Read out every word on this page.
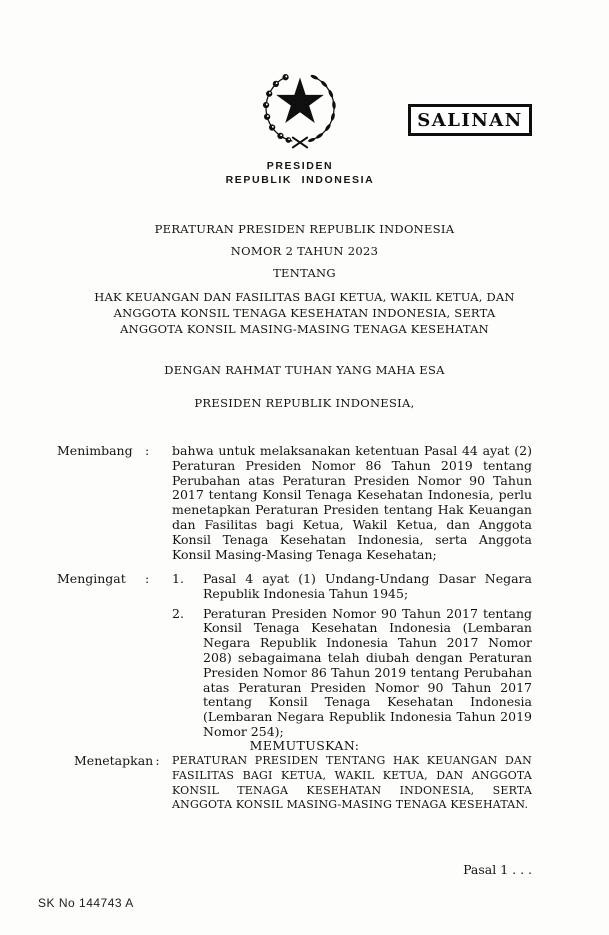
PRESIDEN
REPUBLIK INDONESIA
SALINAN
PERATURAN PRESIDEN REPUBLIK INDONESIA
NOMOR 2 TAHUN 2023
TENTANG
HAK KEUANGAN DAN FASILITAS BAGI KETUA, WAKIL KETUA, DAN
ANGGOTA KONSIL TENAGA KESEHATAN INDONESIA, SERTA
ANGGOTA KONSIL MASING-MASING TENAGA KESEHATAN
DENGAN RAHMAT TUHAN YANG MAHA ESA
PRESIDEN REPUBLIK INDONESIA,
Menimbang :	bahwa untuk melaksanakan ketentuan Pasal 44 ayat (2) Peraturan Presiden Nomor 86 Tahun 2019 tentang Perubahan atas Peraturan Presiden Nomor 90 Tahun 2017 tentang Konsil Tenaga Kesehatan Indonesia, perlu menetapkan Peraturan Presiden tentang Hak Keuangan dan Fasilitas bagi Ketua, Wakil Ketua, dan Anggota Konsil Tenaga Kesehatan Indonesia, serta Anggota Konsil Masing-Masing Tenaga Kesehatan;
Mengingat	:	1.	Pasal 4 ayat (1) Undang-Undang Dasar Negara Republik Indonesia Tahun 1945;
2.	Peraturan Presiden Nomor 90 Tahun 2017 tentang Konsil Tenaga Kesehatan Indonesia (Lembaran Negara Republik Indonesia Tahun 2017 Nomor 208) sebagaimana telah diubah dengan Peraturan Presiden Nomor 86 Tahun 2019 tentang Perubahan atas Peraturan Presiden Nomor 90 Tahun 2017 tentang Konsil Tenaga Kesehatan Indonesia (Lembaran Negara Republik Indonesia Tahun 2019 Nomor 254);
MEMUTUSKAN:
Menetapkan :	PERATURAN PRESIDEN TENTANG HAK KEUANGAN DAN FASILITAS BAGI KETUA, WAKIL KETUA, DAN ANGGOTA KONSIL TENAGA KESEHATAN INDONESIA, SERTA ANGGOTA KONSIL MASING-MASING TENAGA KESEHATAN.
Pasal 1 . . .
SK No 144743 A
